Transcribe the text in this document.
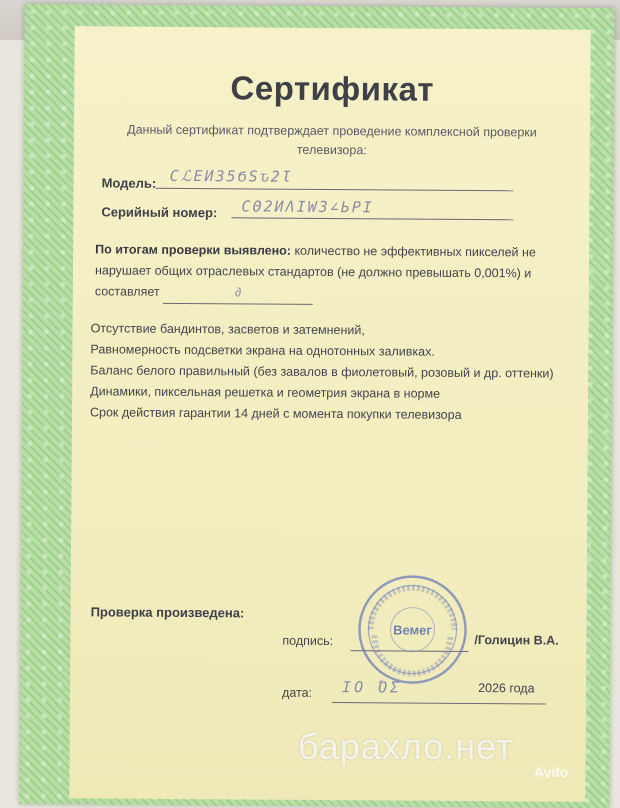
Сертификат
Данный сертификат подтверждает проведение комплексной проверки телевизора:
Модель: ϹℒΕИЗ5ϬЅԏ2Ɩ
Серийный номер: ϹΘ2ИΛΙWЗ∠ЬΡΙ
По итогам проверки выявлено: количество не эффективных пикселей не нарушает общих отраслевых стандартов (не должно превышать 0,001%) и составляет	∂
Отсутствие бандинтов, засветов и затемнений,
Равномерность подсветки экрана на однотонных заливках.
Баланс белого правильный (без завалов в фиолетовый, розовый и др. оттенки)
Динамики, пиксельная решетка и геометрия экрана в норме
Срок действия гарантии 14 дней с момента покупки телевизора
Проверка произведена:
подпись:	/Голицин В.А.
дата: ΙΟ ΌΣ	2026 года
Вемег
барахло.нет
Avito
